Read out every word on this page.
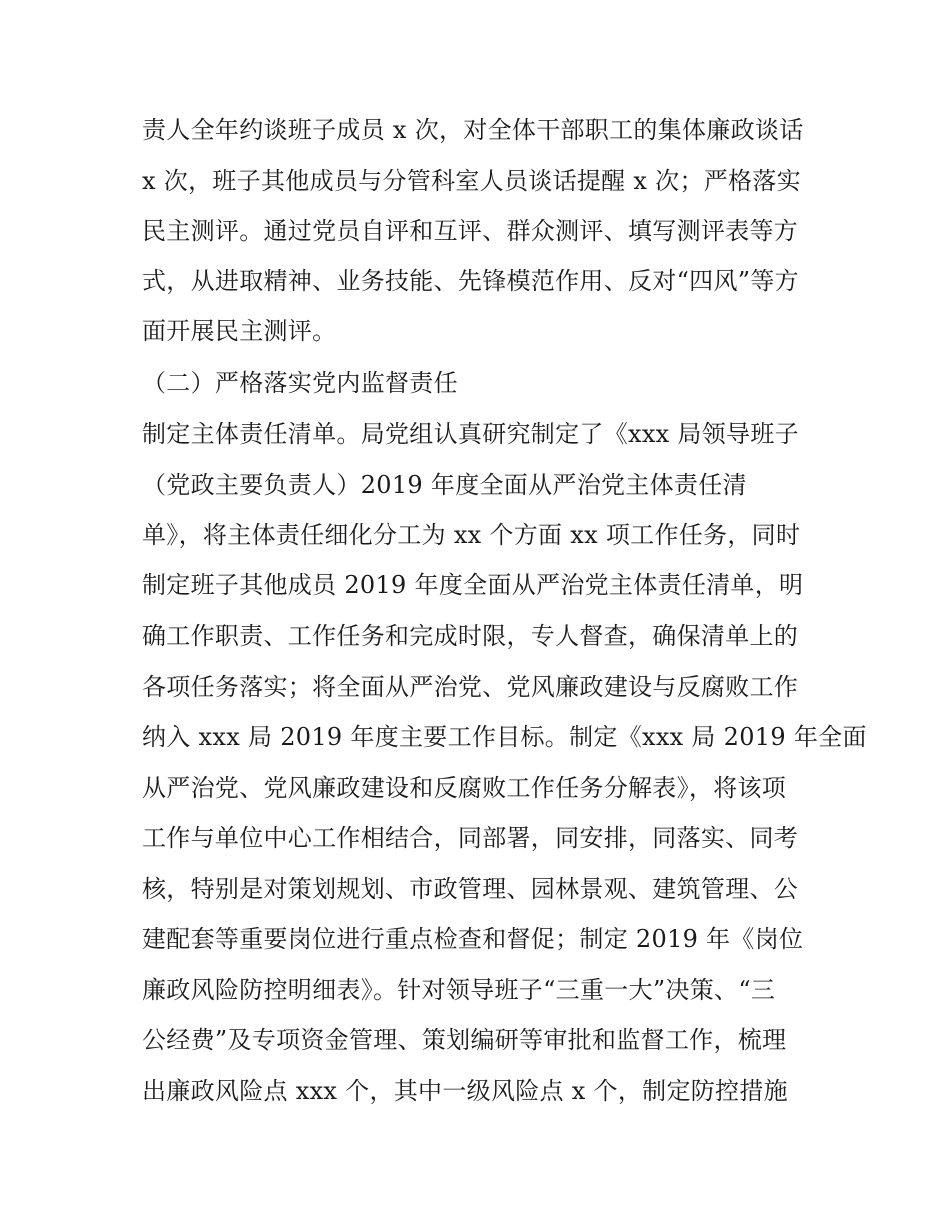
责人全年约谈班子成员 x 次，对全体干部职工的集体廉政谈话
x 次，班子其他成员与分管科室人员谈话提醒 x 次；严格落实
民主测评。通过党员自评和互评、群众测评、填写测评表等方
式，从进取精神、业务技能、先锋模范作用、反对“四风”等方
面开展民主测评。
（二）严格落实党内监督责任
制定主体责任清单。局党组认真研究制定了《xxx 局领导班子
（党政主要负责人）2019 年度全面从严治党主体责任清
单》，将主体责任细化分工为 xx 个方面 xx 项工作任务，同时
制定班子其他成员 2019 年度全面从严治党主体责任清单，明
确工作职责、工作任务和完成时限，专人督查，确保清单上的
各项任务落实；将全面从严治党、党风廉政建设与反腐败工作
纳入 xxx 局 2019 年度主要工作目标。制定《xxx 局 2019 年全面
从严治党、党风廉政建设和反腐败工作任务分解表》，将该项
工作与单位中心工作相结合，同部署，同安排，同落实、同考
核，特别是对策划规划、市政管理、园林景观、建筑管理、公
建配套等重要岗位进行重点检查和督促；制定 2019 年《岗位
廉政风险防控明细表》。针对领导班子“三重一大”决策、“三
公经费”及专项资金管理、策划编研等审批和监督工作，梳理
出廉政风险点 xxx 个，其中一级风险点 x 个，制定防控措施
